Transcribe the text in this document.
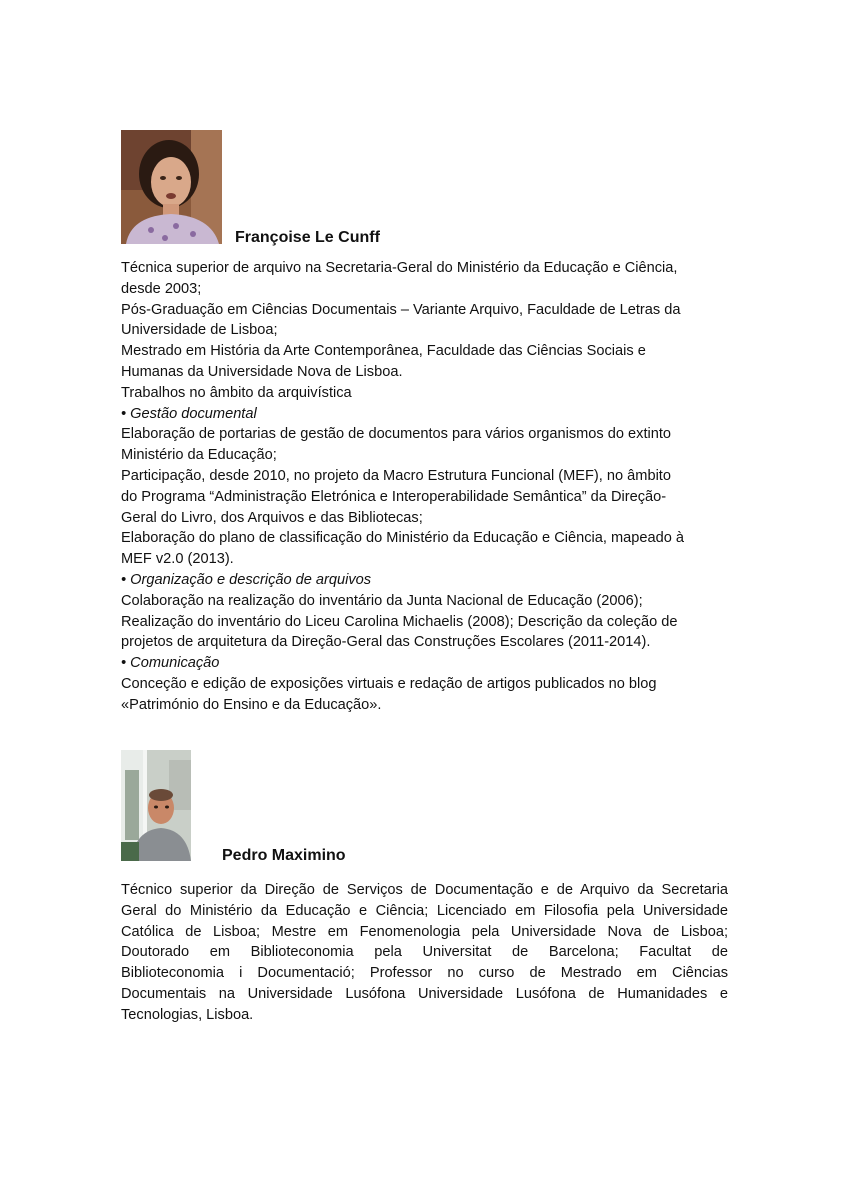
Françoise Le Cunff

Técnica superior de arquivo na Secretaria-Geral do Ministério da Educação e Ciência,
desde 2003;
Pós-Graduação em Ciências Documentais – Variante Arquivo, Faculdade de Letras da
Universidade de Lisboa;
Mestrado em História da Arte Contemporânea, Faculdade das Ciências Sociais e
Humanas da Universidade Nova de Lisboa.
Trabalhos no âmbito da arquivística
• Gestão documental
Elaboração de portarias de gestão de documentos para vários organismos do extinto
Ministério da Educação;
Participação, desde 2010, no projeto da Macro Estrutura Funcional (MEF), no âmbito
do Programa “Administração Eletrónica e Interoperabilidade Semântica” da Direção-
Geral do Livro, dos Arquivos e das Bibliotecas;
Elaboração do plano de classificação do Ministério da Educação e Ciência, mapeado à
MEF v2.0 (2013).
• Organização e descrição de arquivos
Colaboração na realização do inventário da Junta Nacional de Educação (2006);
Realização do inventário do Liceu Carolina Michaelis (2008); Descrição da coleção de
projetos de arquitetura da Direção-Geral das Construções Escolares (2011-2014).
• Comunicação
Conceção e edição de exposições virtuais e redação de artigos publicados no blog
«Património do Ensino e da Educação».

Pedro Maximino

Técnico superior da Direção de Serviços de Documentação e de Arquivo da Secretaria
Geral do Ministério da Educação e Ciência; Licenciado em Filosofia pela Universidade
Católica de Lisboa; Mestre em Fenomenologia pela Universidade Nova de Lisboa;
Doutorado em Biblioteconomia pela Universitat de Barcelona; Facultat de
Biblioteconomia i Documentació; Professor no curso de Mestrado em Ciências
Documentais na Universidade Lusófona Universidade Lusófona de Humanidades e
Tecnologias, Lisboa.
